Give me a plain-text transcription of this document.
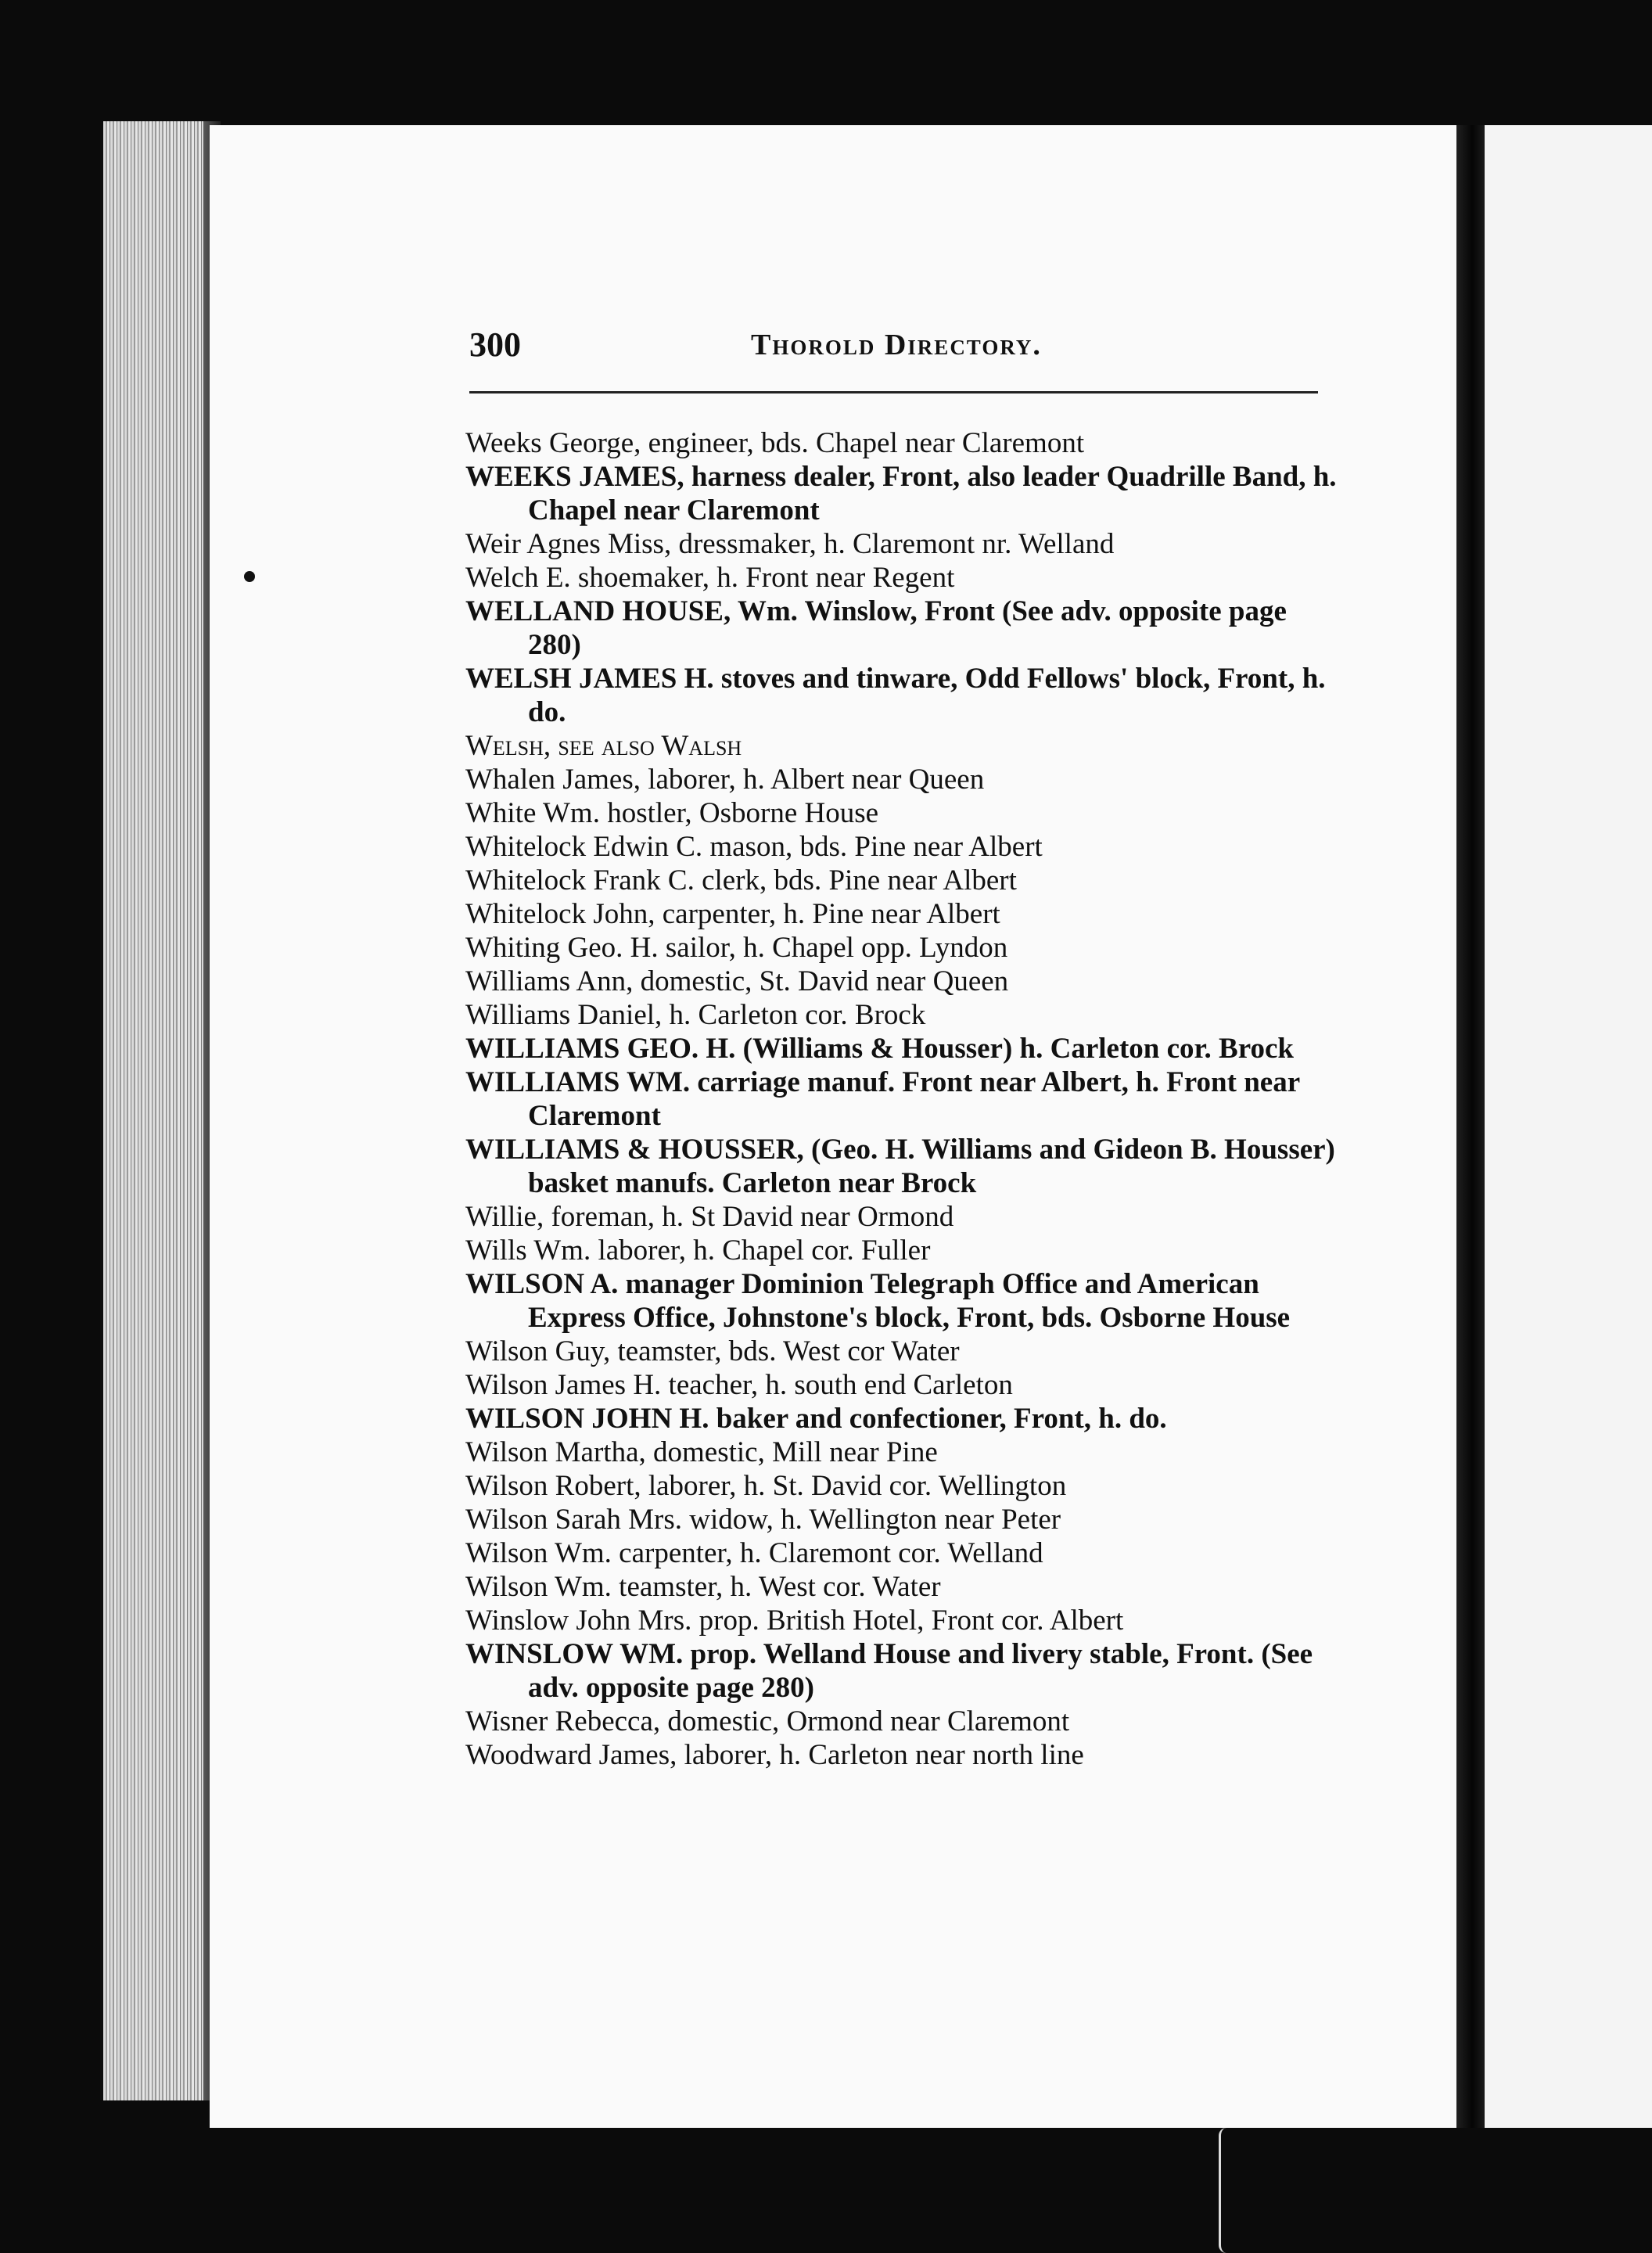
300	Thorold Directory.

Weeks George, engineer, bds. Chapel near Claremont

WEEKS JAMES, harness dealer, Front, also leader Quadrille Band, h. Chapel near Claremont

Weir Agnes Miss, dressmaker, h. Claremont nr. Welland

Welch E. shoemaker, h. Front near Regent

WELLAND HOUSE, Wm. Winslow, Front (See adv. opposite page 280)

WELSH JAMES H. stoves and tinware, Odd Fellows' block, Front, h. do.

Welsh, see also Walsh

Whalen James, laborer, h. Albert near Queen

White Wm. hostler, Osborne House

Whitelock Edwin C. mason, bds. Pine near Albert

Whitelock Frank C. clerk, bds. Pine near Albert

Whitelock John, carpenter, h. Pine near Albert

Whiting Geo. H. sailor, h. Chapel opp. Lyndon

Williams Ann, domestic, St. David near Queen

Williams Daniel, h. Carleton cor. Brock

WILLIAMS GEO. H. (Williams & Housser) h. Carleton cor. Brock

WILLIAMS WM. carriage manuf. Front near Albert, h. Front near Claremont

WILLIAMS & HOUSSER, (Geo. H. Williams and Gideon B. Housser) basket manufs. Carleton near Brock

Willie, foreman, h. St David near Ormond

Wills Wm. laborer, h. Chapel cor. Fuller

WILSON A. manager Dominion Telegraph Office and American Express Office, Johnstone's block, Front, bds. Osborne House

Wilson Guy, teamster, bds. West cor Water

Wilson James H. teacher, h. south end Carleton

WILSON JOHN H. baker and confectioner, Front, h. do.

Wilson Martha, domestic, Mill near Pine

Wilson Robert, laborer, h. St. David cor. Wellington

Wilson Sarah Mrs. widow, h. Wellington near Peter

Wilson Wm. carpenter, h. Claremont cor. Welland

Wilson Wm. teamster, h. West cor. Water

Winslow John Mrs. prop. British Hotel, Front cor. Albert

WINSLOW WM. prop. Welland House and livery stable, Front. (See adv. opposite page 280)

Wisner Rebecca, domestic, Ormond near Claremont

Woodward James, laborer, h. Carleton near north line
